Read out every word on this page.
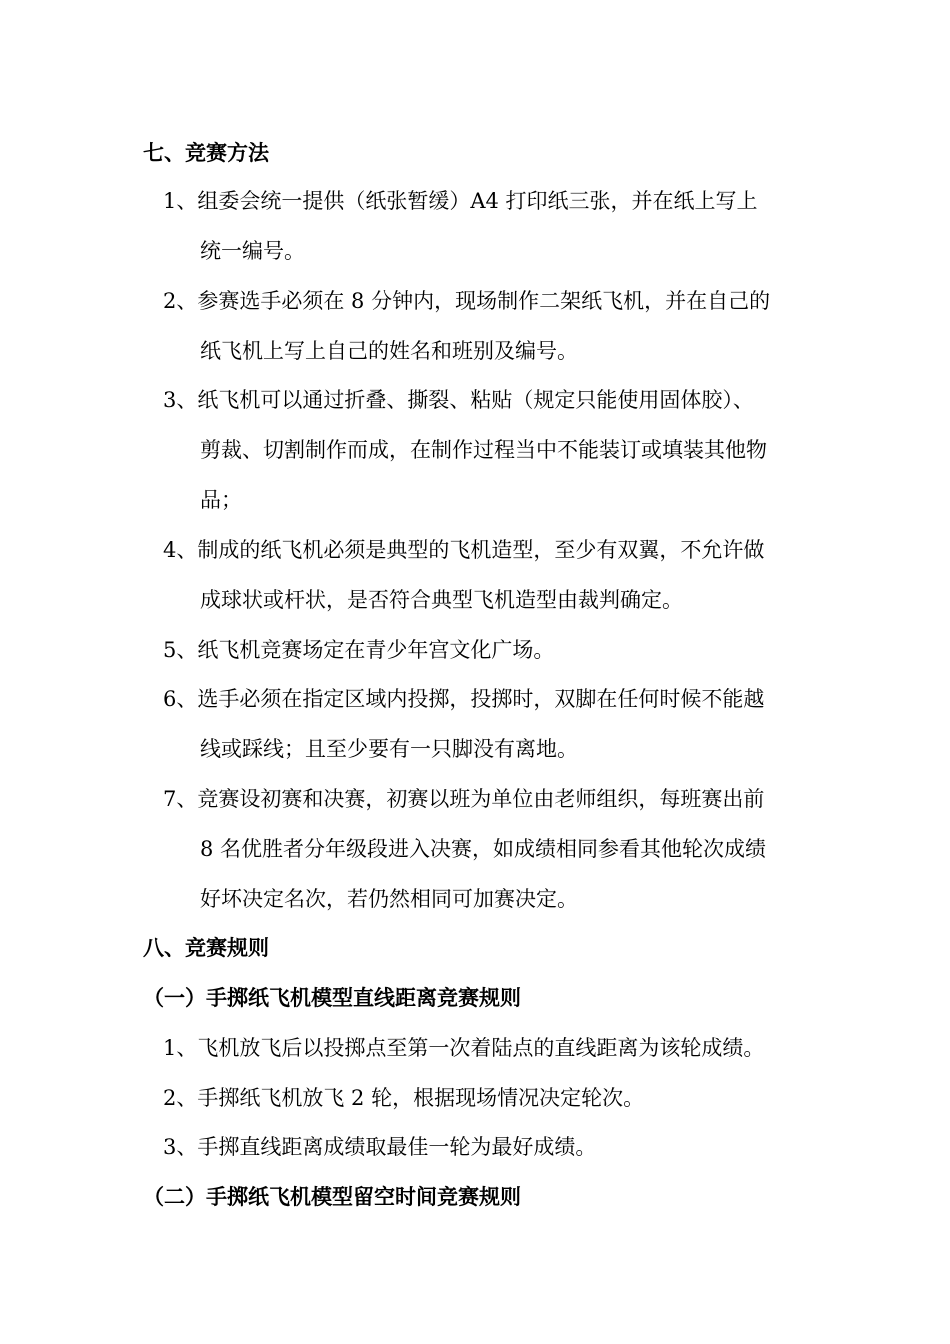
七、竞赛方法
1、组委会统一提供（纸张暂缓）A4 打印纸三张，并在纸上写上
统一编号。
2、参赛选手必须在 8 分钟内，现场制作二架纸飞机，并在自己的
纸飞机上写上自己的姓名和班别及编号。
3、纸飞机可以通过折叠、撕裂、粘贴（规定只能使用固体胶）、
剪裁、切割制作而成，在制作过程当中不能装订或填装其他物
品；
4、制成的纸飞机必须是典型的飞机造型，至少有双翼，不允许做
成球状或杆状，是否符合典型飞机造型由裁判确定。
5、纸飞机竞赛场定在青少年宫文化广场。
6、选手必须在指定区域内投掷，投掷时，双脚在任何时候不能越
线或踩线；且至少要有一只脚没有离地。
7、竞赛设初赛和决赛，初赛以班为单位由老师组织，每班赛出前
8 名优胜者分年级段进入决赛，如成绩相同参看其他轮次成绩
好坏决定名次，若仍然相同可加赛决定。
八、竞赛规则
（一）手掷纸飞机模型直线距离竞赛规则
1、飞机放飞后以投掷点至第一次着陆点的直线距离为该轮成绩。
2、手掷纸飞机放飞 2 轮，根据现场情况决定轮次。
3、手掷直线距离成绩取最佳一轮为最好成绩。
（二）手掷纸飞机模型留空时间竞赛规则
